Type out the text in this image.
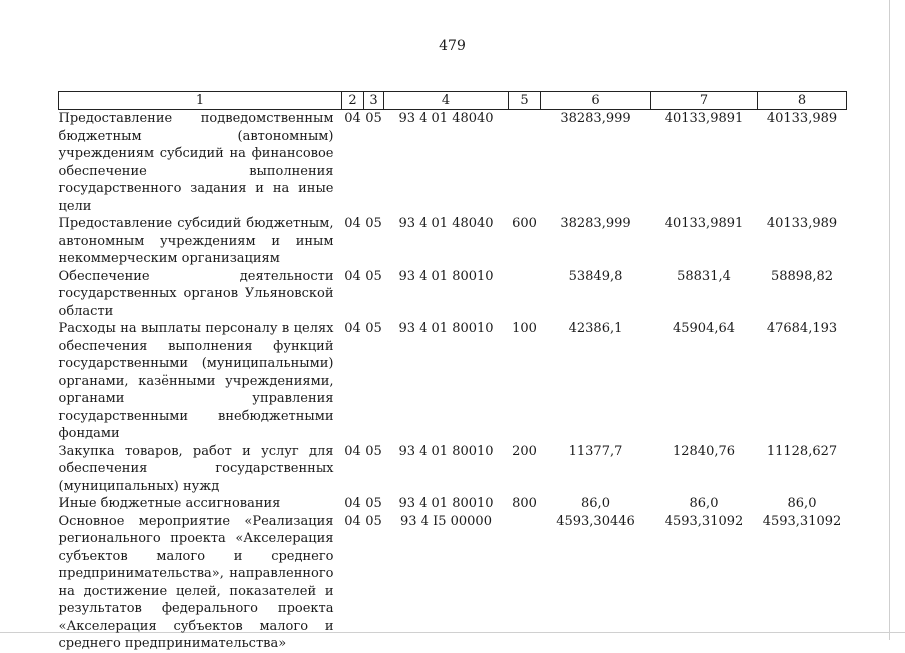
479
1	2	3	4	5	6	7	8
Предоставление подведомственным бюджетным (автономным) учреждениям субсидий на финансовое обеспечение выполнения государственного задания и на иные цели	04	05	93 4 01 48040		38283,999	40133,9891	40133,989
Предоставление субсидий бюджетным, автономным учреждениям и иным некоммерческим организациям	04	05	93 4 01 48040	600	38283,999	40133,9891	40133,989
Обеспечение деятельности государственных органов Ульяновской области	04	05	93 4 01 80010		53849,8	58831,4	58898,82
Расходы на выплаты персоналу в целях обеспечения выполнения функций государственными (муниципальными) органами, казёнными учреждениями, органами управления государственными внебюджетными фондами	04	05	93 4 01 80010	100	42386,1	45904,64	47684,193
Закупка товаров, работ и услуг для обеспечения государственных (муниципальных) нужд	04	05	93 4 01 80010	200	11377,7	12840,76	11128,627
Иные бюджетные ассигнования	04	05	93 4 01 80010	800	86,0	86,0	86,0
Основное мероприятие «Реализация регионального проекта «Акселерация субъектов малого и среднего предпринимательства», направленного на достижение целей, показателей и результатов федерального проекта «Акселерация субъектов малого и среднего предпринимательства»	04	05	93 4 I5 00000		4593,30446	4593,31092	4593,31092
